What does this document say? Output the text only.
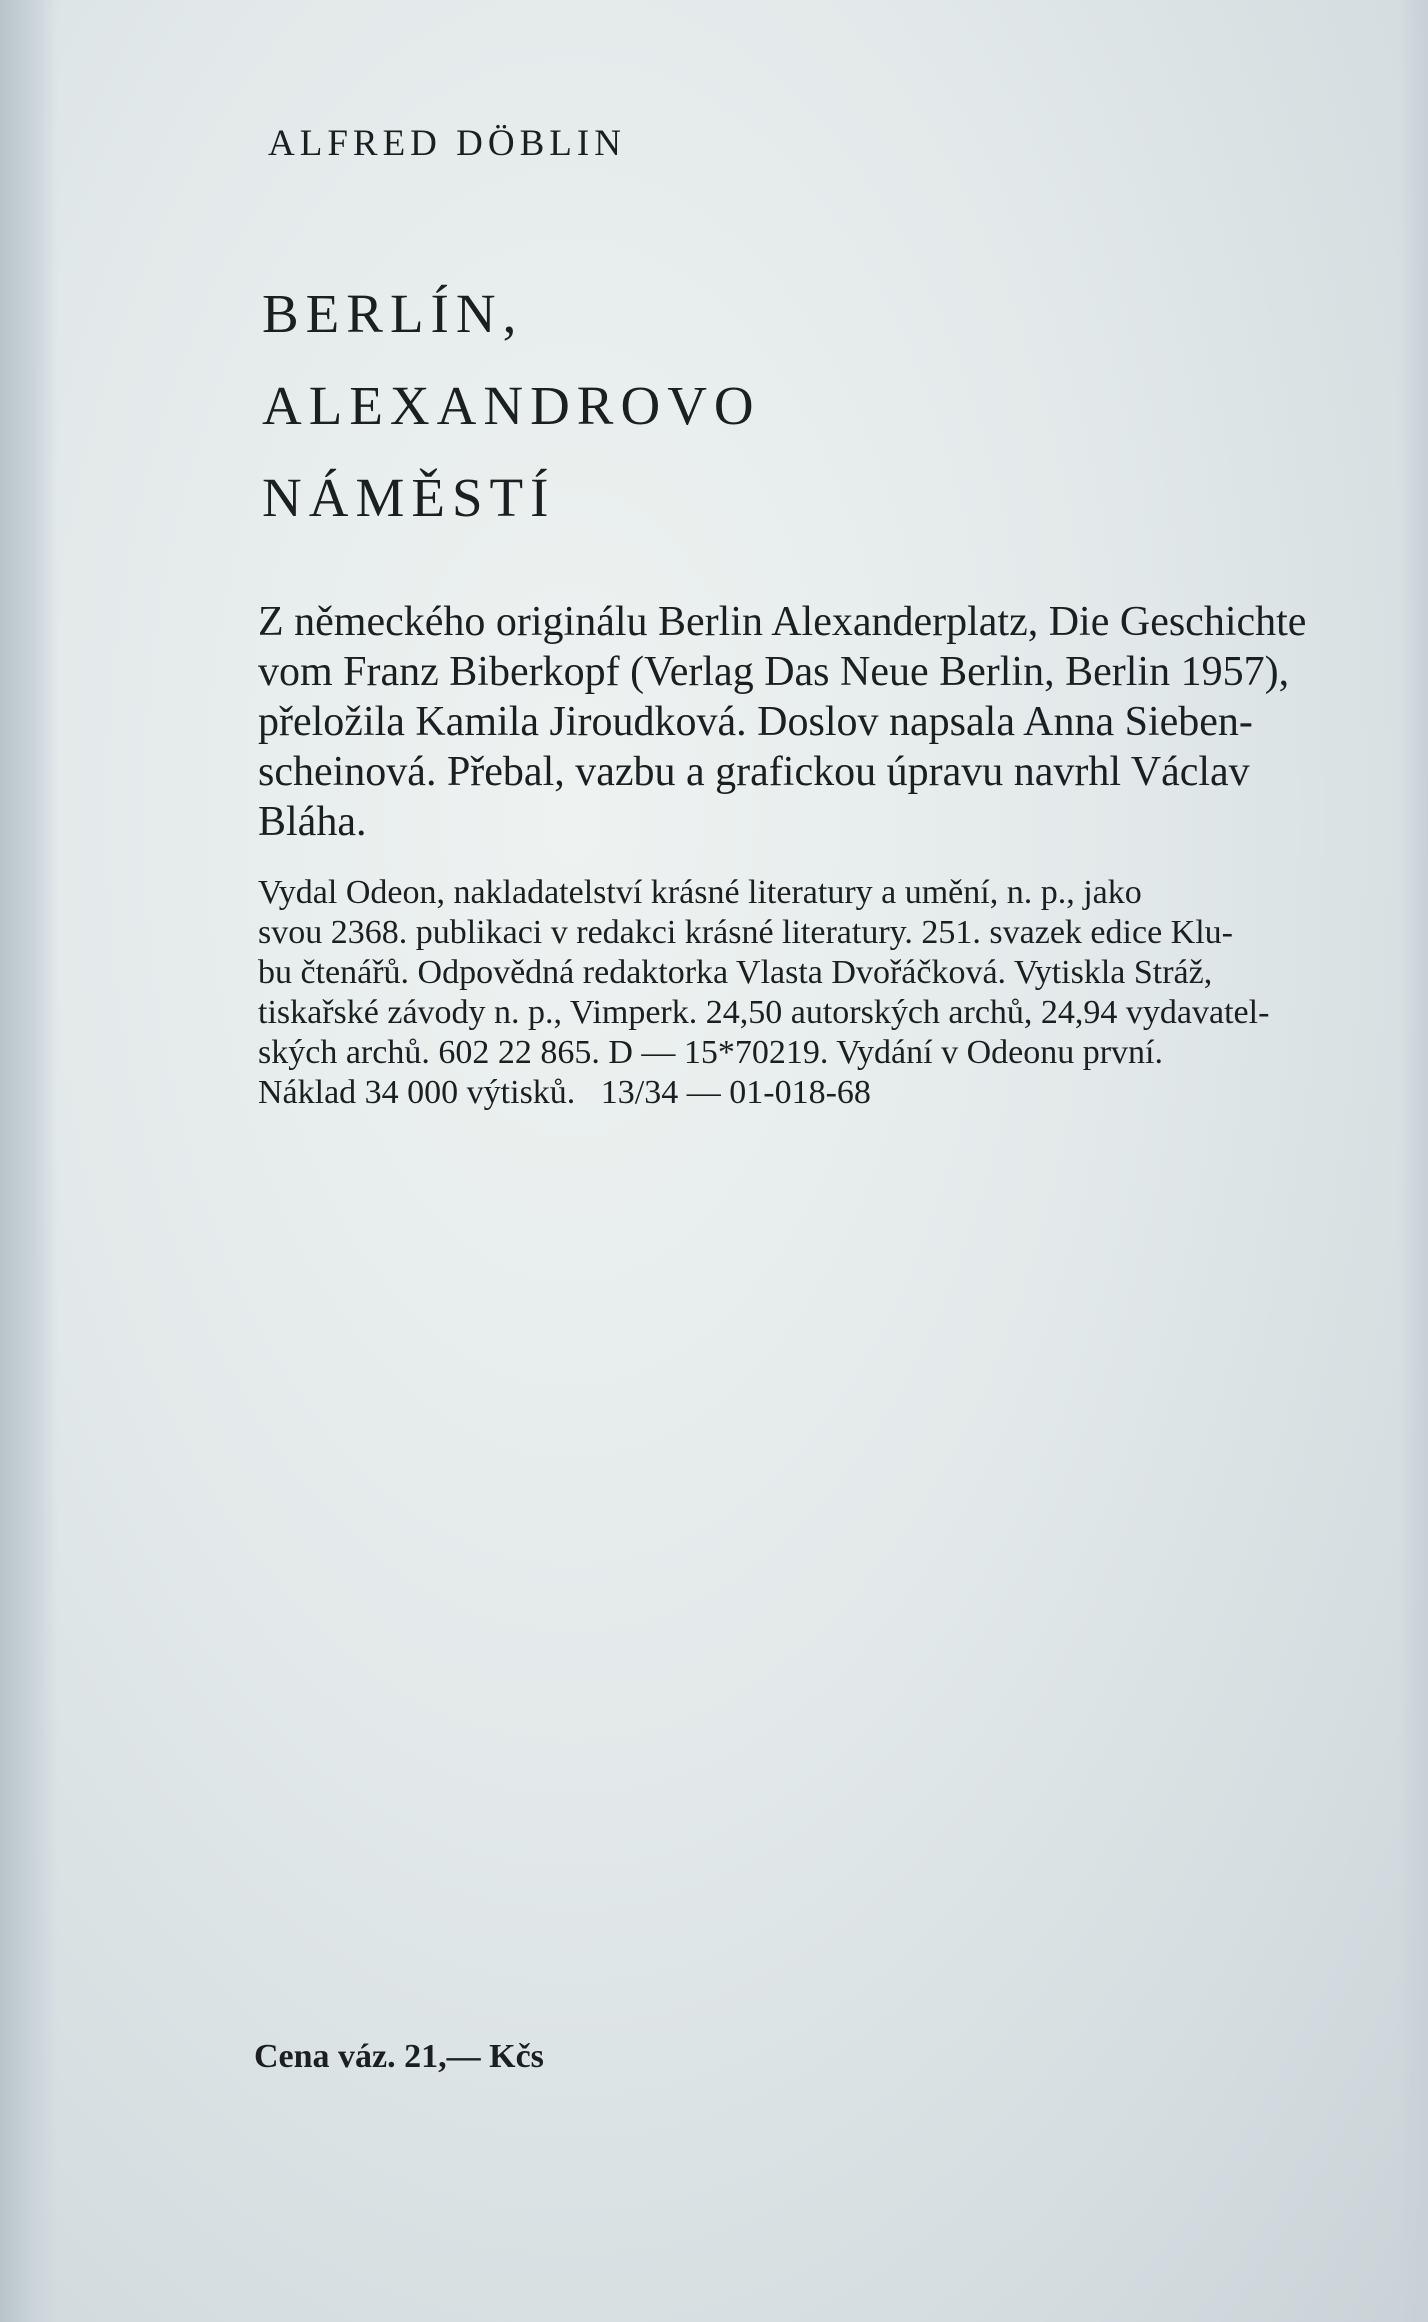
ALFRED DÖBLIN
BERLÍN,
ALEXANDROVO
NÁMĚSTÍ
Z německého originálu Berlin Alexanderplatz, Die Geschichte
vom Franz Biberkopf (Verlag Das Neue Berlin, Berlin 1957),
přeložila Kamila Jiroudková. Doslov napsala Anna Sieben-
scheinová. Přebal, vazbu a grafickou úpravu navrhl Václav
Bláha.
Vydal Odeon, nakladatelství krásné literatury a umění, n. p., jako
svou 2368. publikaci v redakci krásné literatury. 251. svazek edice Klu-
bu čtenářů. Odpovědná redaktorka Vlasta Dvořáčková. Vytiskla Stráž,
tiskařské závody n. p., Vimperk. 24,50 autorských archů, 24,94 vydavatel-
ských archů. 602 22 865. D — 15*70219. Vydání v Odeonu první.
Náklad 34 000 výtisků.   13/34 — 01-018-68
Cena váz. 21,— Kčs
